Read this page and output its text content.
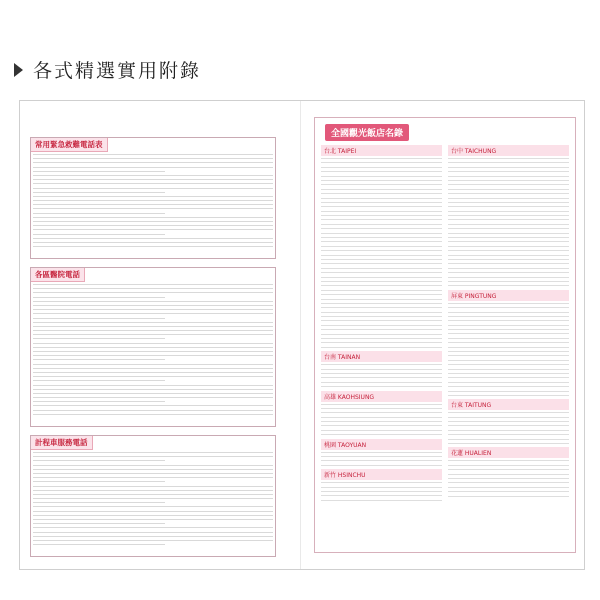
各式精選實用附錄
常用緊急救難電話表
各區醫院電話
計程車服務電話
全國觀光飯店名錄
台北 TAIPEI
台南 TAINAN
高雄 KAOHSIUNG
桃園 TAOYUAN
新竹 HSINCHU
台中 TAICHUNG
屏東 PINGTUNG
台東 TAITUNG
花蓮 HUALIEN
